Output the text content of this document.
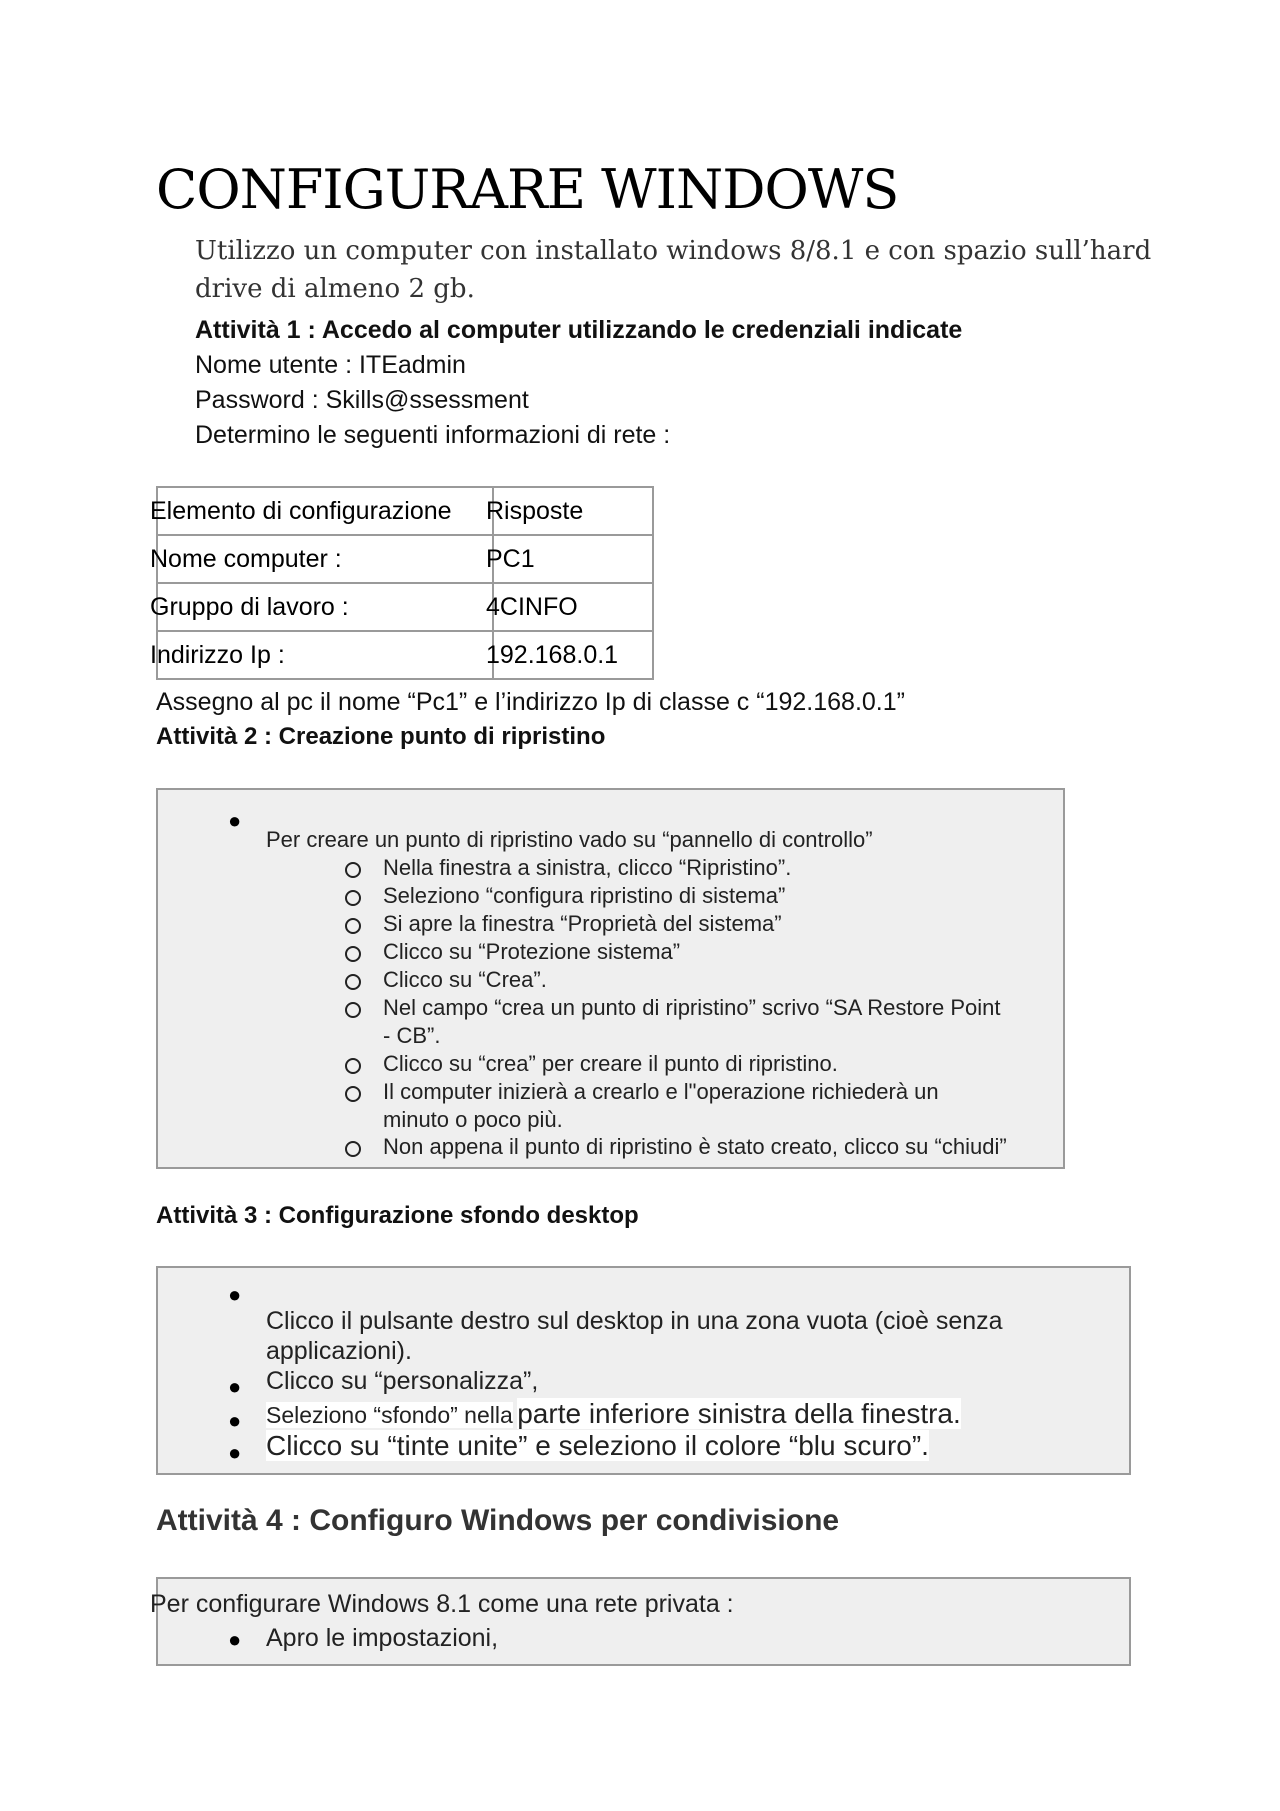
CONFIGURARE WINDOWS
Utilizzo un computer con installato windows 8/8.1 e con spazio sull’hard drive di almeno 2 gb.
Attività 1 : Accedo al computer utilizzando le credenziali indicate
Nome utente : ITEadmin
Password : Skills@ssessment
Determino le seguenti informazioni di rete :
Elemento di configurazione	Risposte
Nome computer :	PC1
Gruppo di lavoro :	4CINFO
Indirizzo Ip :	192.168.0.1
Assegno al pc il nome “Pc1” e l’indirizzo Ip di classe c “192.168.0.1”
Attività 2 : Creazione punto di ripristino
●
Per creare un punto di ripristino vado su “pannello di controllo”
Nella finestra a sinistra, clicco “Ripristino”.
Seleziono “configura ripristino di sistema”
Si apre la finestra “Proprietà del sistema”
Clicco su “Protezione sistema”
Clicco su “Crea”.
Nel campo “crea un punto di ripristino” scrivo “SA Restore Point
- CB”.
Clicco su “crea” per creare il punto di ripristino.
Il computer inizierà a crearlo e l"operazione richiederà un
minuto o poco più.
Non appena il punto di ripristino è stato creato, clicco su “chiudi”
Attività 3 : Configurazione sfondo desktop
●
Clicco il pulsante destro sul desktop in una zona vuota (cioè senza
applicazioni).
● Clicco su “personalizza”,
● Seleziono “sfondo” nella parte inferiore sinistra della finestra.
● Clicco su “tinte unite” e seleziono il colore “blu scuro”.
Attività 4 : Configuro Windows per condivisione
Per configurare Windows 8.1 come una rete privata :
● Apro le impostazioni,
